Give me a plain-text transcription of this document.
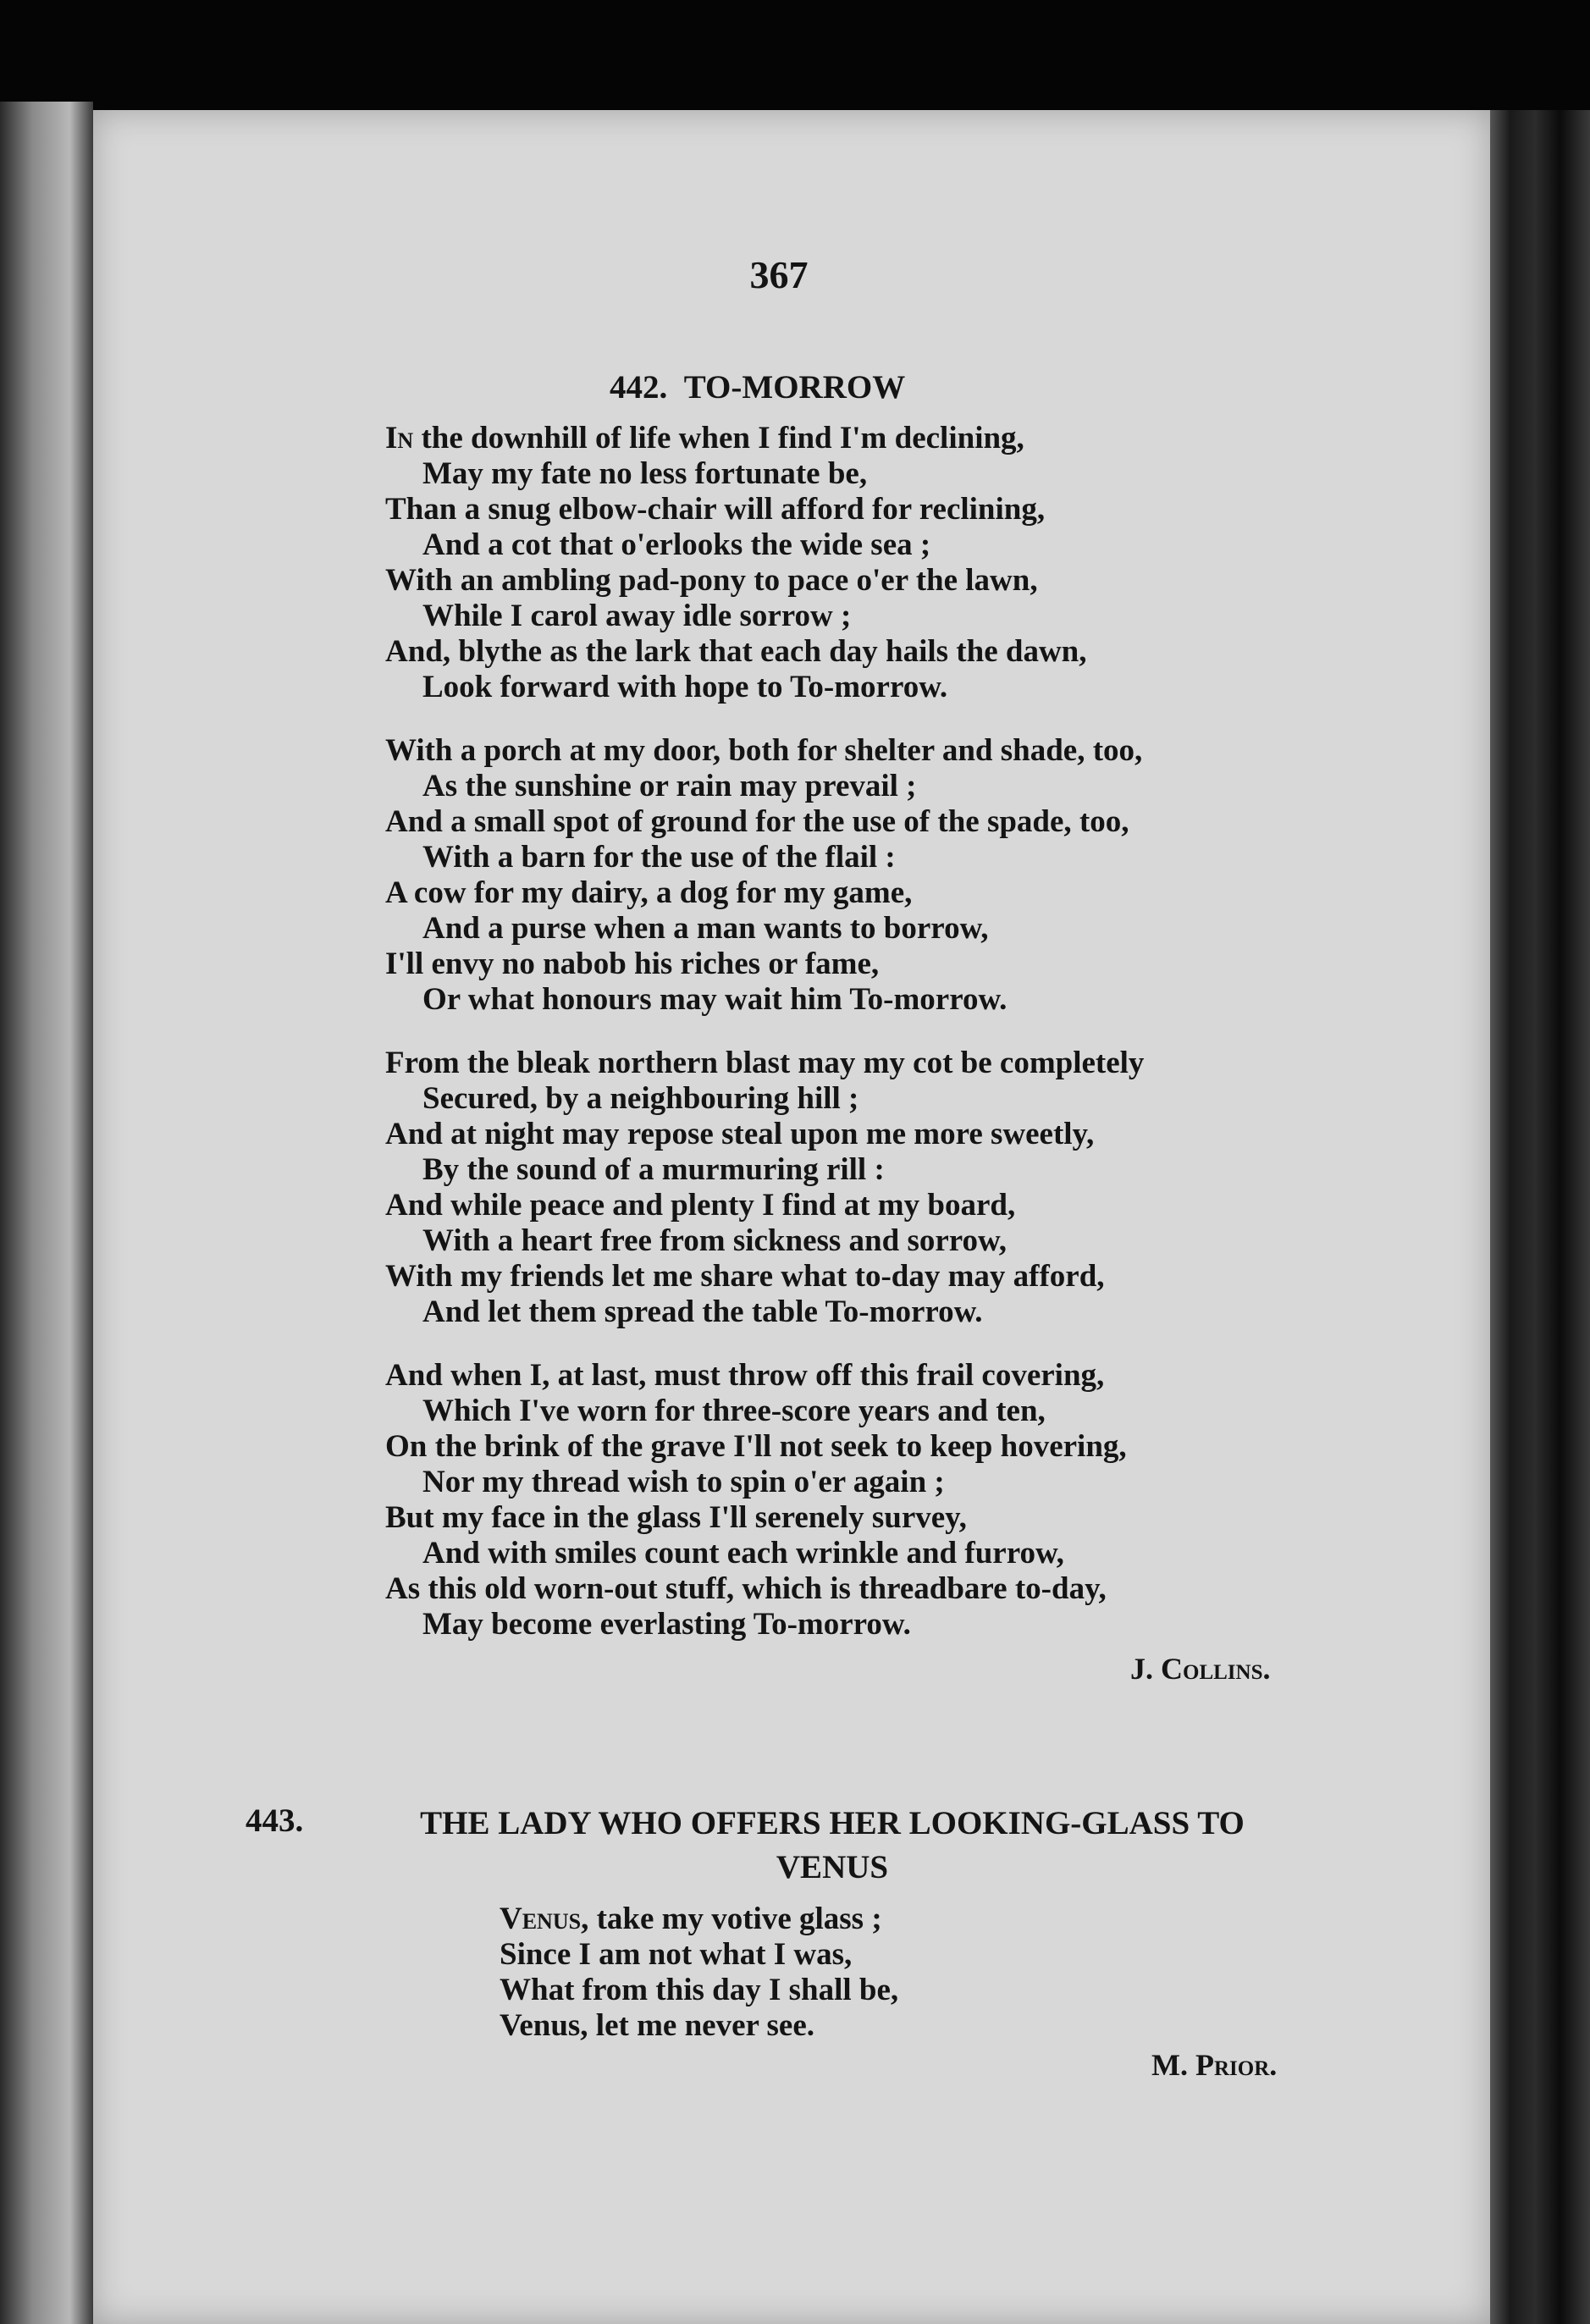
367
442. TO-MORROW
In the downhill of life when I find I'm declining,
May my fate no less fortunate be,
Than a snug elbow-chair will afford for reclining,
And a cot that o'erlooks the wide sea ;
With an ambling pad-pony to pace o'er the lawn,
While I carol away idle sorrow ;
And, blythe as the lark that each day hails the dawn,
Look forward with hope to To-morrow.
With a porch at my door, both for shelter and shade, too,
As the sunshine or rain may prevail ;
And a small spot of ground for the use of the spade, too,
With a barn for the use of the flail :
A cow for my dairy, a dog for my game,
And a purse when a man wants to borrow,
I'll envy no nabob his riches or fame,
Or what honours may wait him To-morrow.
From the bleak northern blast may my cot be completely
Secured, by a neighbouring hill ;
And at night may repose steal upon me more sweetly,
By the sound of a murmuring rill :
And while peace and plenty I find at my board,
With a heart free from sickness and sorrow,
With my friends let me share what to-day may afford,
And let them spread the table To-morrow.
And when I, at last, must throw off this frail covering,
Which I've worn for three-score years and ten,
On the brink of the grave I'll not seek to keep hovering,
Nor my thread wish to spin o'er again ;
But my face in the glass I'll serenely survey,
And with smiles count each wrinkle and furrow,
As this old worn-out stuff, which is threadbare to-day,
May become everlasting To-morrow.
J. Collins.
443.	THE LADY WHO OFFERS HER LOOKING-GLASS TO
VENUS
Venus, take my votive glass ;
Since I am not what I was,
What from this day I shall be,
Venus, let me never see.
M. Prior.
